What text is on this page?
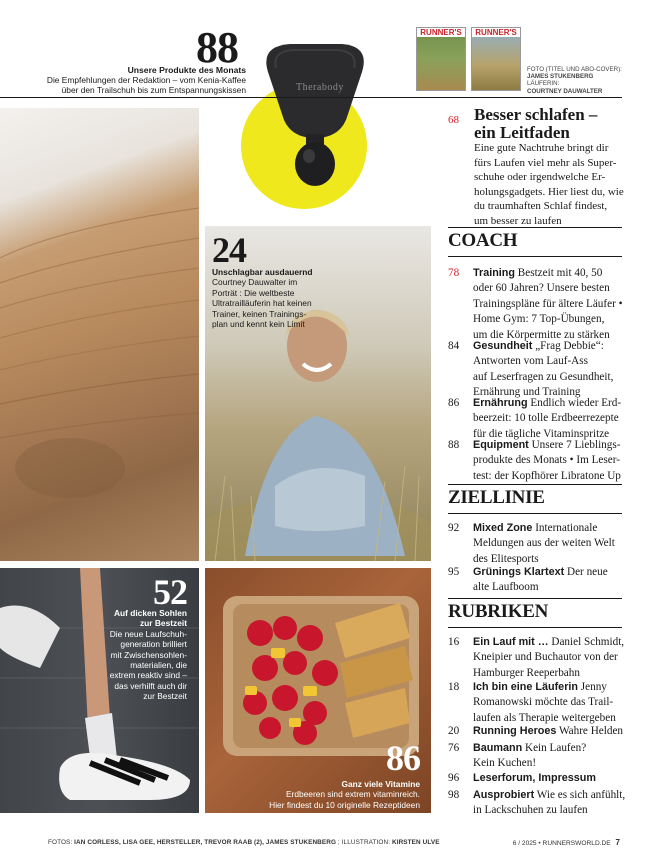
88
Unsere Produkte des Monats
Die Empfehlungen der Redaktion – vom Kenia-Kaffee
über den Trailschuh bis zum Entspannungskissen	Therabody
RUNNER'S	RUNNER'S
FOTO (TITEL UND ABO-COVER):
JAMES STUKENBERG
LÄUFERIN:
COURTNEY DAUWALTER
68 Besser schlafen –
ein Leitfaden
Eine gute Nachtruhe bringt dir
fürs Laufen viel mehr als Super-
schuhe oder irgendwelche Er-
holungsgadgets. Hier liest du, wie
du traumhaften Schlaf findest,
um besser zu laufen
24
Unschlagbar ausdauernd
Courtney Dauwalter im
Porträt : Die weltbeste
Ultratrailläuferin hat keinen
Trainer, keinen Trainings-
plan und kennt kein Limit
52
Auf dicken Sohlen
zur Bestzeit
Die neue Laufschuh-
generation brilliert
mit Zwischensohlen-
materialien, die
extrem reaktiv sind –
das verhilft auch dir
zur Bestzeit
86
Ganz viele Vitamine
Erdbeeren sind extrem vitaminreich.
Hier findest du 10 originelle Rezeptideen
COACH
78	Training Bestzeit mit 40, 50
oder 60 Jahren? Unsere besten
Trainingspläne für ältere Läufer •
Home Gym: 7 Top-Übungen,
um die Körpermitte zu stärken
84	Gesundheit „Frag Debbie“:
Antworten vom Lauf-Ass
auf Leserfragen zu Gesundheit,
Ernährung und Training
86	Ernährung Endlich wieder Erd-
beerzeit: 10 tolle Erdbeerrezepte
für die tägliche Vitaminspritze
88	Equipment Unsere 7 Lieblings-
produkte des Monats • Im Leser-
test: der Kopfhörer Libratone Up
ZIELLINIE
92	Mixed Zone Internationale
Meldungen aus der weiten Welt
des Elitesports
95	Grünings Klartext Der neue
alte Laufboom
RUBRIKEN
16	Ein Lauf mit … Daniel Schmidt,
Kneipier und Buchautor von der
Hamburger Reeperbahn
18	Ich bin eine Läuferin Jenny
Romanowski möchte das Trail-
laufen als Therapie weitergeben
20	Running Heroes Wahre Helden
76	Baumann Kein Laufen?
Kein Kuchen!
96	Leserforum, Impressum
98	Ausprobiert Wie es sich anfühlt,
in Lackschuhen zu laufen
FOTOS: IAN CORLESS, LISA GEE, HERSTELLER, TREVOR RAAB (2), JAMES STUKENBERG ; ILLUSTRATION: KIRSTEN ULVE	6 / 2025 • RUNNERSWORLD.DE 7
